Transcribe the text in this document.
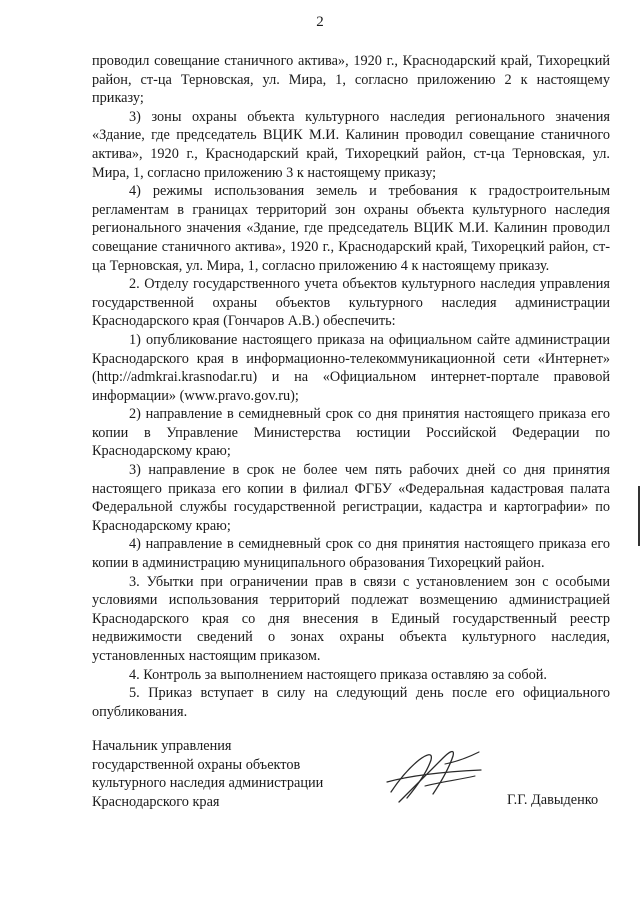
2

проводил совещание станичного актива», 1920 г., Краснодарский край, Тихорецкий район, ст-ца Терновская, ул. Мира, 1, согласно приложению 2 к настоящему приказу;

3) зоны охраны объекта культурного наследия регионального значения «Здание, где председатель ВЦИК М.И. Калинин проводил совещание станичного актива», 1920 г., Краснодарский край, Тихорецкий район, ст-ца Терновская, ул. Мира, 1, согласно приложению 3 к настоящему приказу;

4) режимы использования земель и требования к градостроительным регламентам в границах территорий зон охраны объекта культурного наследия регионального значения «Здание, где председатель ВЦИК М.И. Калинин проводил совещание станичного актива», 1920 г., Краснодарский край, Тихорецкий район, ст-ца Терновская, ул. Мира, 1, согласно приложению 4 к настоящему приказу.

2. Отделу государственного учета объектов культурного наследия управления государственной охраны объектов культурного наследия администрации Краснодарского края (Гончаров А.В.) обеспечить:

1) опубликование настоящего приказа на официальном сайте администрации Краснодарского края в информационно-телекоммуникационной сети «Интернет» (http://admkrai.krasnodar.ru) и на «Официальном интернет-портале правовой информации» (www.pravo.gov.ru);

2) направление в семидневный срок со дня принятия настоящего приказа его копии в Управление Министерства юстиции Российской Федерации по Краснодарскому краю;

3) направление в срок не более чем пять рабочих дней со дня принятия настоящего приказа его копии в филиал ФГБУ «Федеральная кадастровая палата Федеральной службы государственной регистрации, кадастра и картографии» по Краснодарскому краю;

4) направление в семидневный срок со дня принятия настоящего приказа его копии в администрацию муниципального образования Тихорецкий район.

3. Убытки при ограничении прав в связи с установлением зон с особыми условиями использования территорий подлежат возмещению администрацией Краснодарского края со дня внесения в Единый государственный реестр недвижимости сведений о зонах охраны объекта культурного наследия, установленных настоящим приказом.

4. Контроль за выполнением настоящего приказа оставляю за собой.

5. Приказ вступает в силу на следующий день после его официального опубликования.

Начальник управления
государственной охраны объектов
культурного наследия администрации
Краснодарского края	Г.Г. Давыденко
